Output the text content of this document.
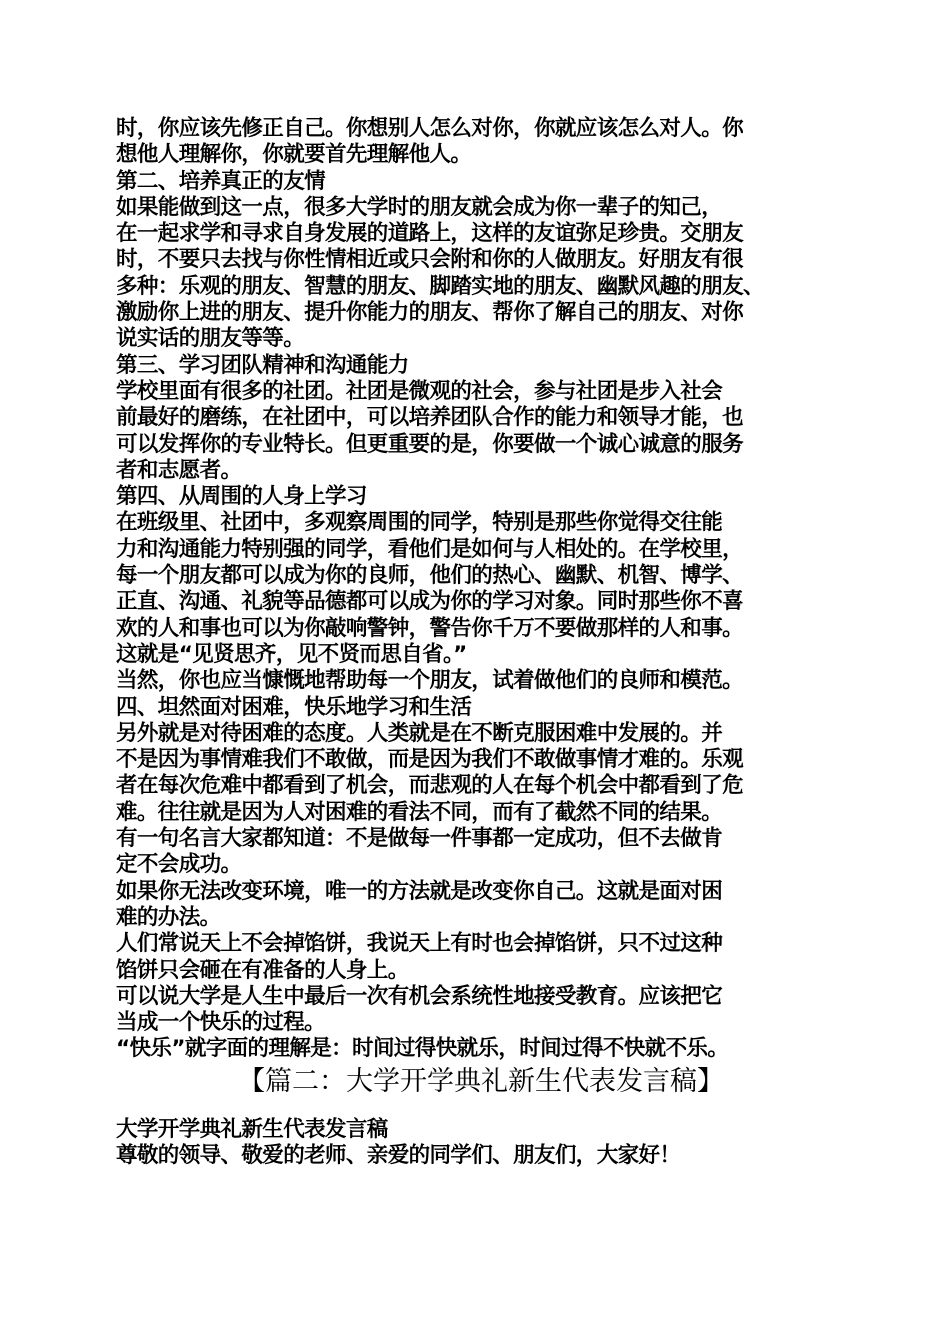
时，你应该先修正自己。你想别人怎么对你，你就应该怎么对人。你
想他人理解你，你就要首先理解他人。
第二、培养真正的友情
如果能做到这一点，很多大学时的朋友就会成为你一辈子的知己，
在一起求学和寻求自身发展的道路上，这样的友谊弥足珍贵。交朋友
时，不要只去找与你性情相近或只会附和你的人做朋友。好朋友有很
多种：乐观的朋友、智慧的朋友、脚踏实地的朋友、幽默风趣的朋友、
激励你上进的朋友、提升你能力的朋友、帮你了解自己的朋友、对你
说实话的朋友等等。
第三、学习团队精神和沟通能力
学校里面有很多的社团。社团是微观的社会，参与社团是步入社会
前最好的磨练，在社团中，可以培养团队合作的能力和领导才能，也
可以发挥你的专业特长。但更重要的是，你要做一个诚心诚意的服务
者和志愿者。
第四、从周围的人身上学习
在班级里、社团中，多观察周围的同学，特别是那些你觉得交往能
力和沟通能力特别强的同学，看他们是如何与人相处的。在学校里，
每一个朋友都可以成为你的良师，他们的热心、幽默、机智、博学、
正直、沟通、礼貌等品德都可以成为你的学习对象。同时那些你不喜
欢的人和事也可以为你敲响警钟，警告你千万不要做那样的人和事。
这就是“见贤思齐，见不贤而思自省。”
当然，你也应当慷慨地帮助每一个朋友，试着做他们的良师和模范。
四、坦然面对困难，快乐地学习和生活
另外就是对待困难的态度。人类就是在不断克服困难中发展的。并
不是因为事情难我们不敢做，而是因为我们不敢做事情才难的。乐观
者在每次危难中都看到了机会，而悲观的人在每个机会中都看到了危
难。往往就是因为人对困难的看法不同，而有了截然不同的结果。
有一句名言大家都知道：不是做每一件事都一定成功，但不去做肯
定不会成功。
如果你无法改变环境，唯一的方法就是改变你自己。这就是面对困
难的办法。
人们常说天上不会掉馅饼，我说天上有时也会掉馅饼，只不过这种
馅饼只会砸在有准备的人身上。
可以说大学是人生中最后一次有机会系统性地接受教育。应该把它
当成一个快乐的过程。
“快乐”就字面的理解是：时间过得快就乐，时间过得不快就不乐。
【篇二：大学开学典礼新生代表发言稿】
大学开学典礼新生代表发言稿
尊敬的领导、敬爱的老师、亲爱的同学们、朋友们，大家好！
